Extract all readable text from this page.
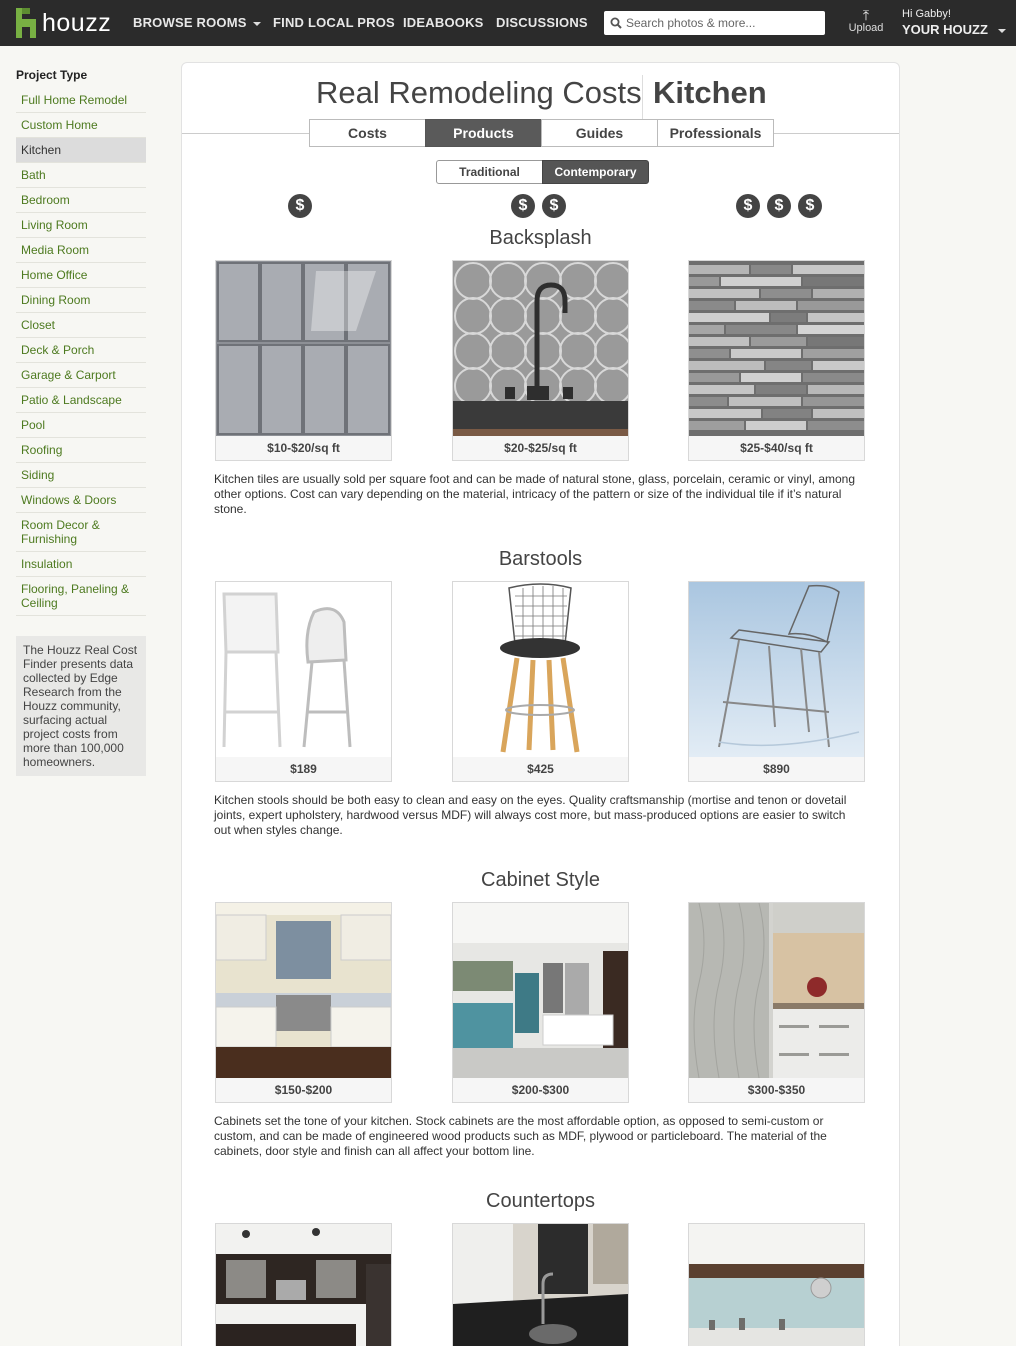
houzz BROWSE ROOMS	FIND LOCAL PROS IDEABOOKS DISCUSSIONS
Search photos & more...	⤒
Upload
Hi Gabby!
YOUR HOUZZ
Project Type
Full Home Remodel
Custom Home
Kitchen
Bath
Bedroom
Living Room
Media Room
Home Office
Dining Room
Closet
Deck & Porch
Garage & Carport
Patio & Landscape
Pool
Roofing
Siding
Windows & Doors
Room Decor & Furnishing
Insulation
Flooring, Paneling & Ceiling
The Houzz Real Cost Finder presents data collected by Edge Research from the Houzz community, surfacing actual project costs from more than 100,000 homeowners.
Real Remodeling Costs Kitchen
Costs	Products	Guides	Professionals
Traditional	Contemporary
$	$	$	$	$	$
Backsplash
$10-$20/sq ft	$20-$25/sq ft	$25-$40/sq ft
Kitchen tiles are usually sold per square foot and can be made of natural stone, glass, porcelain, ceramic or vinyl, among other options. Cost can vary depending on the material, intricacy of the pattern or size of the individual tile if it’s natural stone.
Barstools
$189	$425	$890
Kitchen stools should be both easy to clean and easy on the eyes. Quality craftsmanship (mortise and tenon or dovetail joints, expert upholstery, hardwood versus MDF) will always cost more, but mass-produced options are easier to switch out when styles change.
Cabinet Style
$150-$200	$200-$300	$300-$350
Cabinets set the tone of your kitchen. Stock cabinets are the most affordable option, as opposed to semi-custom or custom, and can be made of engineered wood products such as MDF, plywood or particleboard. The material of the cabinets, door style and finish can all affect your bottom line.
Countertops
